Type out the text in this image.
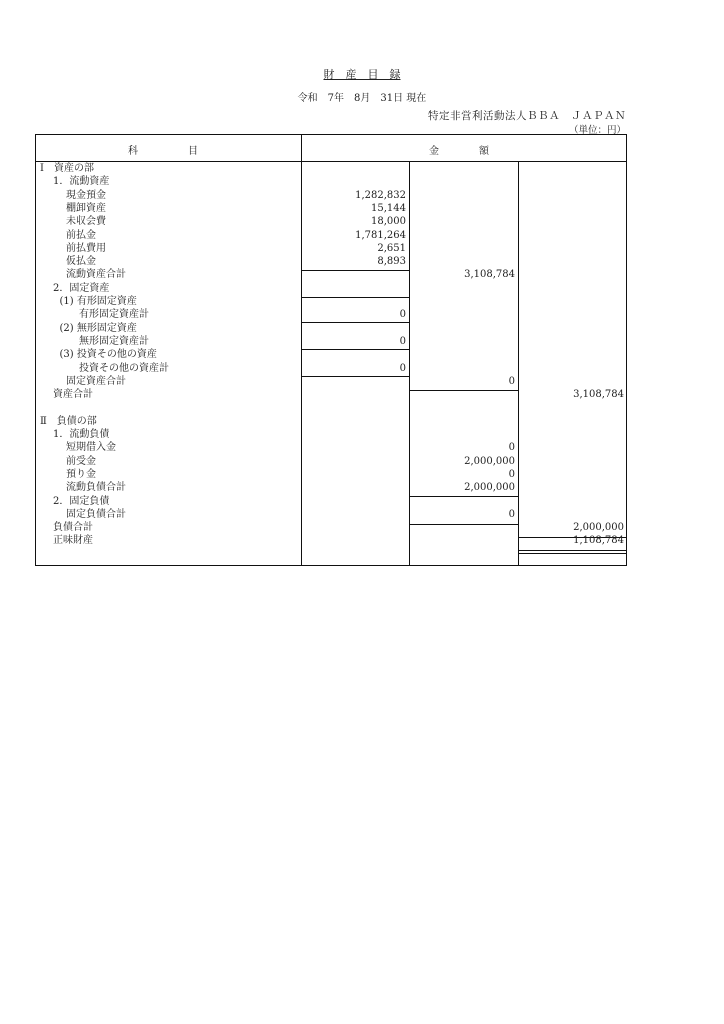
財　産　目　録
令和　7年　8月　31日 現在
特定非営利活動法人ＢＢＡ　ＪＡＰＡＮ
（単位：円）
科　　　　　目	金　　　　額
Ⅰ　資産の部
1．流動資産
現金預金	1,282,832
棚卸資産	15,144
未収会費	18,000
前払金	1,781,264
前払費用	2,651
仮払金	8,893
流動資産合計	3,108,784
2．固定資産
(1) 有形固定資産
有形固定資産計	0
(2) 無形固定資産
無形固定資産計	0
(3) 投資その他の資産
投資その他の資産計	0
固定資産合計	0
資産合計	3,108,784
Ⅱ　負債の部
1．流動負債
短期借入金	0
前受金	2,000,000
預り金	0
流動負債合計	2,000,000
2．固定負債
固定負債合計	0
負債合計	2,000,000
正味財産	1,108,784
